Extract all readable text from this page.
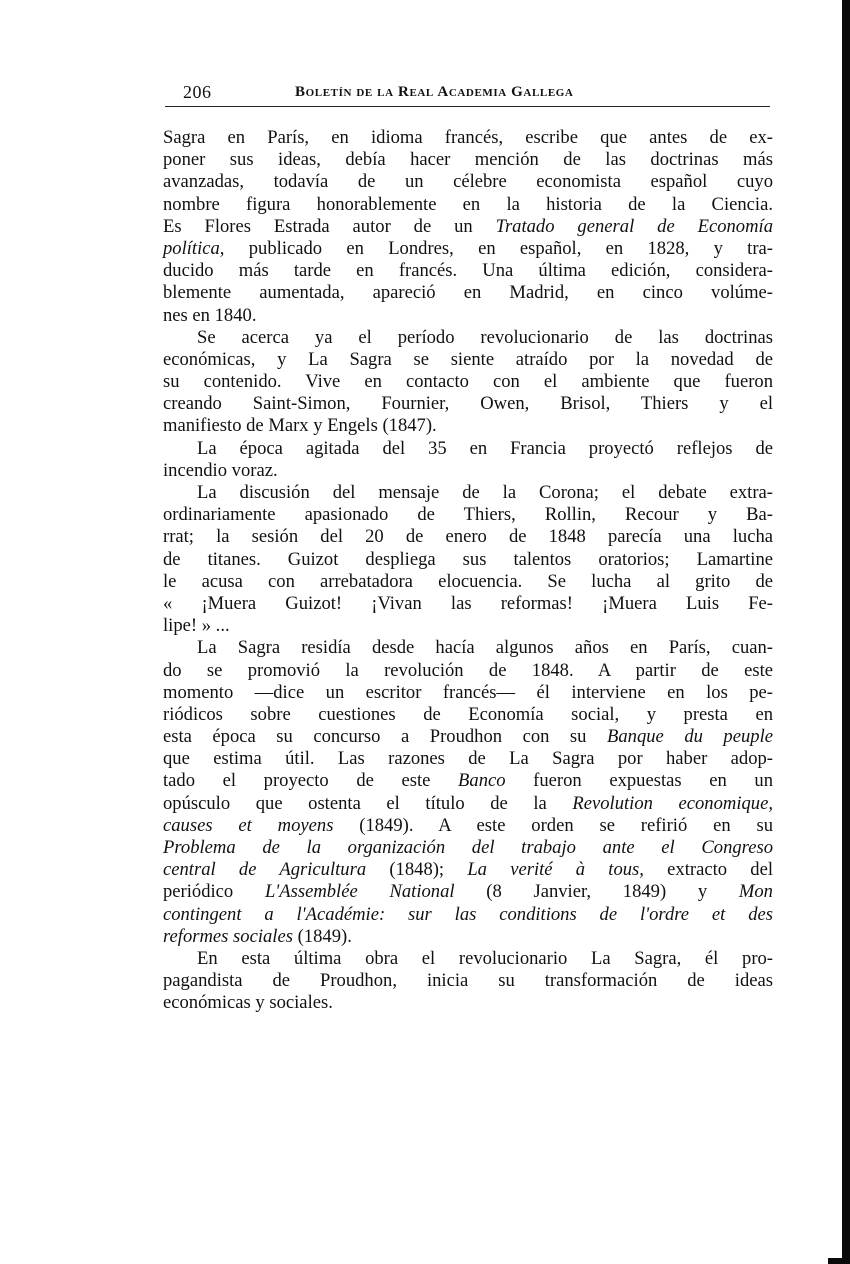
206	Boletín de la Real Academia Gallega
Sagra en París, en idioma francés, escribe que antes de ex-
poner sus ideas, debía hacer mención de las doctrinas más
avanzadas, todavía de un célebre economista español cuyo
nombre figura honorablemente en la historia de la Ciencia.
Es Flores Estrada autor de un Tratado general de Economía
política, publicado en Londres, en español, en 1828, y tra-
ducido más tarde en francés. Una última edición, considera-
blemente aumentada, apareció en Madrid, en cinco volúme-
nes en 1840.
Se acerca ya el período revolucionario de las doctrinas
económicas, y La Sagra se siente atraído por la novedad de
su contenido. Vive en contacto con el ambiente que fueron
creando Saint-Simon, Fournier, Owen, Brisol, Thiers y el
manifiesto de Marx y Engels (1847).
La época agitada del 35 en Francia proyectó reflejos de
incendio voraz.
La discusión del mensaje de la Corona; el debate extra-
ordinariamente apasionado de Thiers, Rollin, Recour y Ba-
rrat; la sesión del 20 de enero de 1848 parecía una lucha
de titanes. Guizot despliega sus talentos oratorios; Lamartine
le acusa con arrebatadora elocuencia. Se lucha al grito de
« ¡Muera Guizot! ¡Vivan las reformas! ¡Muera Luis Fe-
lipe! » ...
La Sagra residía desde hacía algunos años en París, cuan-
do se promovió la revolución de 1848. A partir de este
momento —dice un escritor francés— él interviene en los pe-
riódicos sobre cuestiones de Economía social, y presta en
esta época su concurso a Proudhon con su Banque du peuple
que estima útil. Las razones de La Sagra por haber adop-
tado el proyecto de este Banco fueron expuestas en un
opúsculo que ostenta el título de la Revolution economique,
causes et moyens (1849). A este orden se refirió en su
Problema de la organización del trabajo ante el Congreso
central de Agricultura (1848); La verité à tous, extracto del
periódico L'Assemblée National (8 Janvier, 1849) y Mon
contingent a l'Académie: sur las conditions de l'ordre et des
reformes sociales (1849).
En esta última obra el revolucionario La Sagra, él pro-
pagandista de Proudhon, inicia su transformación de ideas
económicas y sociales.
